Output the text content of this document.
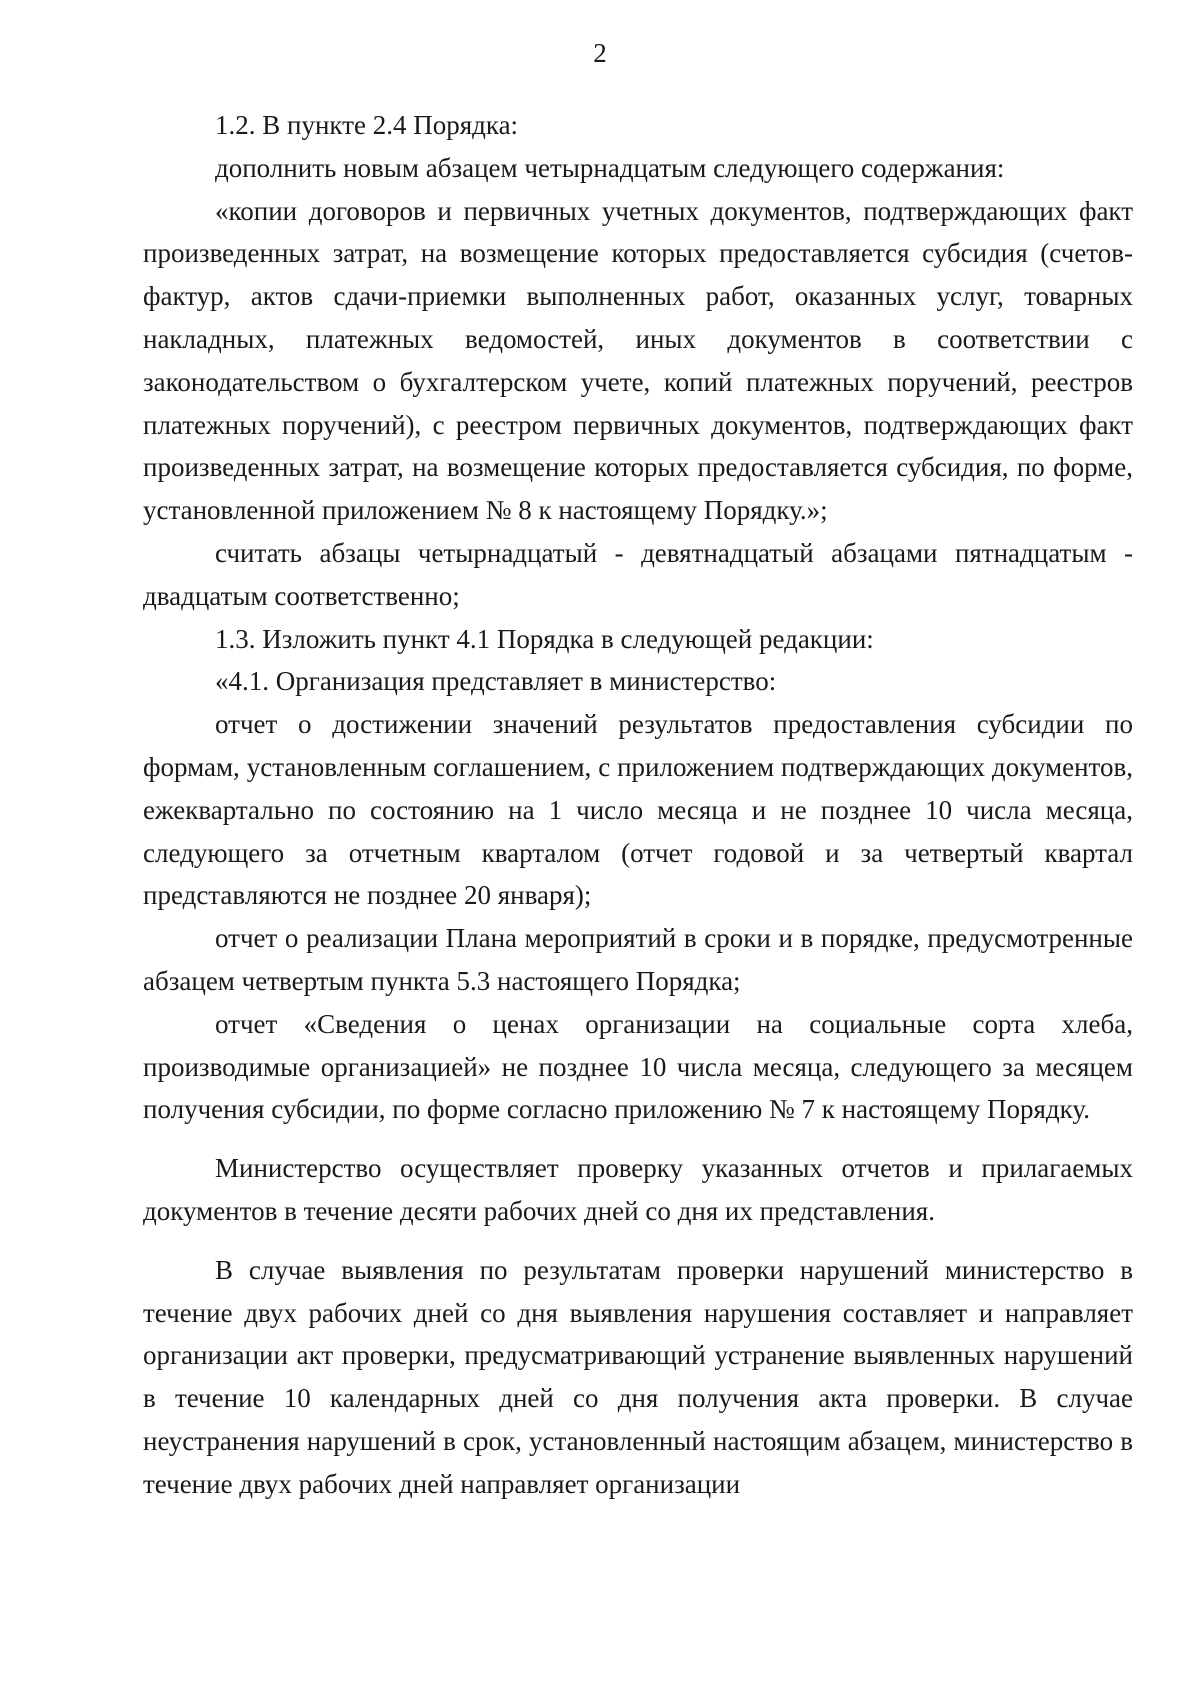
2

1.2. В пункте 2.4 Порядка:

дополнить новым абзацем четырнадцатым следующего содержания:

«копии договоров и первичных учетных документов, подтверждающих факт произведенных затрат, на возмещение которых предоставляется субсидия (счетов-фактур, актов сдачи-приемки выполненных работ, оказанных услуг, товарных накладных, платежных ведомостей, иных документов в соответствии с законодательством о бухгалтерском учете, копий платежных поручений, реестров платежных поручений), с реестром первичных документов, подтверждающих факт произведенных затрат, на возмещение которых предоставляется субсидия, по форме, установленной приложением № 8 к настоящему Порядку.»;

считать абзацы четырнадцатый - девятнадцатый абзацами пятнадцатым - двадцатым соответственно;

1.3. Изложить пункт 4.1 Порядка в следующей редакции:

«4.1. Организация представляет в министерство:

отчет о достижении значений результатов предоставления субсидии по формам, установленным соглашением, с приложением подтверждающих документов, ежеквартально по состоянию на 1 число месяца и не позднее 10 числа месяца, следующего за отчетным кварталом (отчет годовой и за четвертый квартал представляются не позднее 20 января);

отчет о реализации Плана мероприятий в сроки и в порядке, предусмотренные абзацем четвертым пункта 5.3 настоящего Порядка;

отчет «Сведения о ценах организации на социальные сорта хлеба, производимые организацией» не позднее 10 числа месяца, следующего за месяцем получения субсидии, по форме согласно приложению № 7 к настоящему Порядку.

Министерство осуществляет проверку указанных отчетов и прилагаемых документов в течение десяти рабочих дней со дня их представления.

В случае выявления по результатам проверки нарушений министерство в течение двух рабочих дней со дня выявления нарушения составляет и направляет организации акт проверки, предусматривающий устранение выявленных нарушений в течение 10 календарных дней со дня получения акта проверки. В случае неустранения нарушений в срок, установленный настоящим абзацем, министерство в течение двух рабочих дней направляет организации
